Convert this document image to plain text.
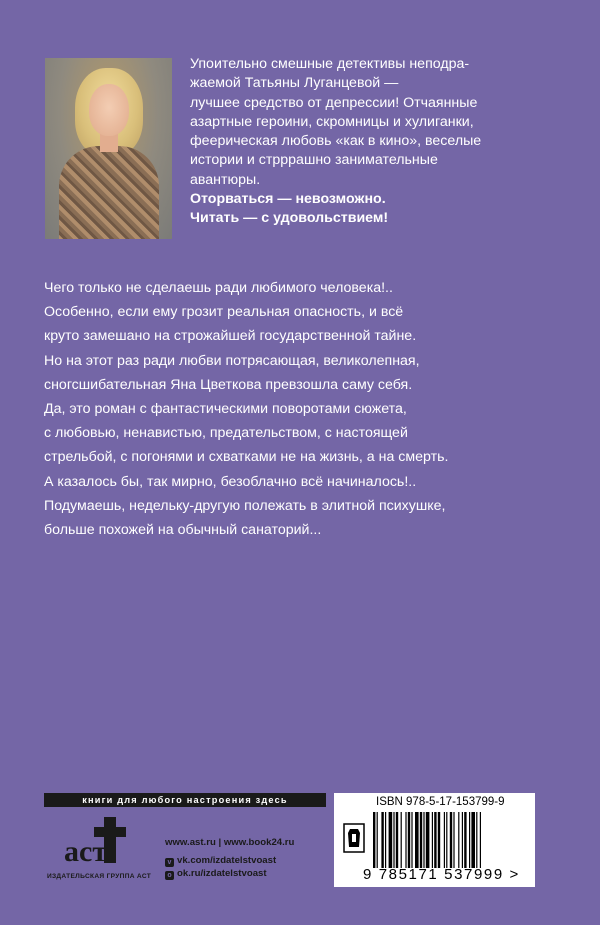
Упоительно смешные детективы неподра-

жаемой Татьяны Луганцевой —

лучшее средство от депрессии! Отчаянные

азартные героини, скромницы и хулиганки,

феерическая любовь «как в кино», веселые

истории и стрррашно занимательные

авантюры.

Оторваться — невозможно.

Читать — с удовольствием!

Чего только не сделаешь ради любимого человека!..

Особенно, если ему грозит реальная опасность, и всё

круто замешано на строжайшей государственной тайне.

Но на этот раз ради любви потрясающая, великолепная,

сногсшибательная Яна Цветкова превзошла саму себя.

Да, это роман с фантастическими поворотами сюжета,

с любовью, ненавистью, предательством, с настоящей

стрельбой, с погонями и схватками не на жизнь, а на смерть.

А казалось бы, так мирно, безоблачно всё начиналось!..

Подумаешь, недельку-другую полежать в элитной психушке,

больше похожей на обычный санаторий...

книги для любого настроения здесь
аст
ИЗДАТЕЛЬСКАЯ ГРУППА АСТ
www.ast.ru | www.book24.ru
v vk.com/izdatelstvoast
o ok.ru/izdatelstvoast
ISBN 978-5-17-153799-9
9 785171 537999 >
